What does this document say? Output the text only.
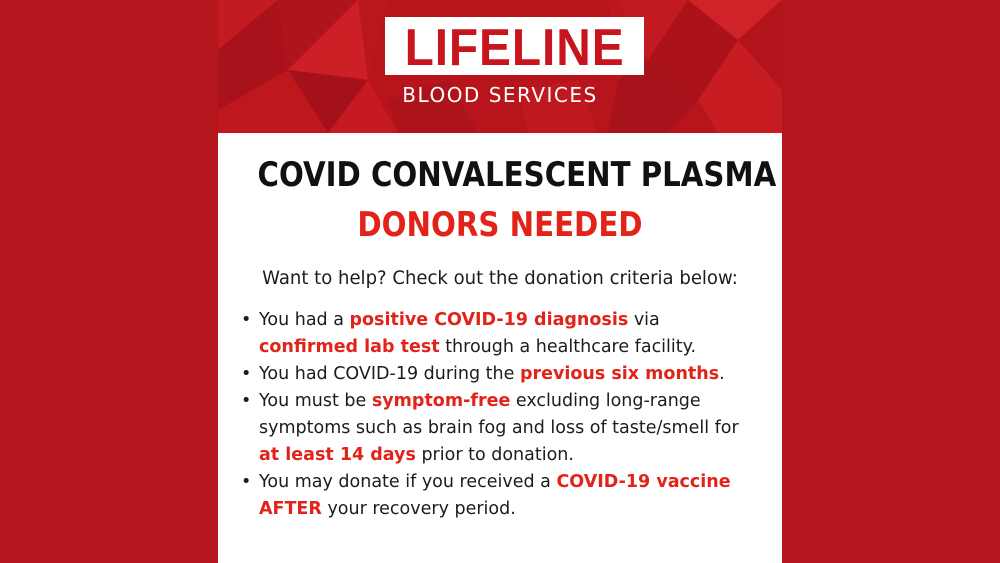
LIFELINE
BLOOD SERVICES
COVID CONVALESCENT PLASMA
DONORS NEEDED
Want to help? Check out the donation criteria below:
• You had a positive COVID-19 diagnosis via confirmed lab test through a healthcare facility.
• You had COVID-19 during the previous six months.
• You must be symptom-free excluding long-range symptoms such as brain fog and loss of taste/smell for at least 14 days prior to donation.
• You may donate if you received a COVID-19 vaccine AFTER your recovery period.
